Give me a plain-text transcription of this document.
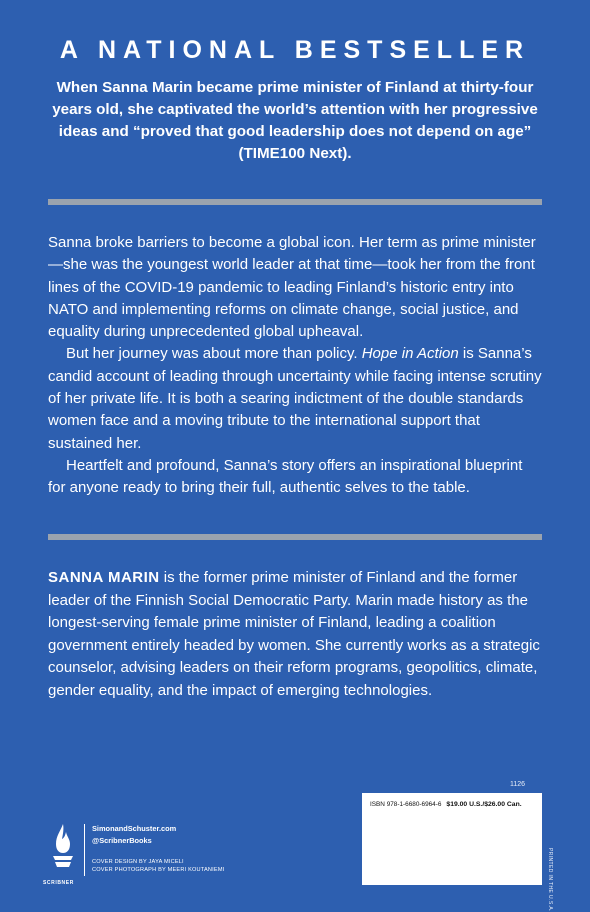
A NATIONAL BESTSELLER

When Sanna Marin became prime minister of Finland at thirty-four years old, she captivated the world’s attention with her progressive ideas and “proved that good leadership does not depend on age” (TIME100 Next).

Sanna broke barriers to become a global icon. Her term as prime minister—she was the youngest world leader at that time—took her from the front lines of the COVID-19 pandemic to leading Finland’s historic entry into NATO and implementing reforms on climate change, social justice, and equality during unprecedented global upheaval.

But her journey was about more than policy. Hope in Action is Sanna’s candid account of leading through uncertainty while facing intense scrutiny of her private life. It is both a searing indictment of the double standards women face and a moving tribute to the international support that sustained her.

Heartfelt and profound, Sanna’s story offers an inspirational blueprint for anyone ready to bring their full, authentic selves to the table.

SANNA MARIN is the former prime minister of Finland and the former leader of the Finnish Social Democratic Party. Marin made history as the longest-serving female prime minister of Finland, leading a coalition government entirely headed by women. She currently works as a strategic counselor, advising leaders on their reform programs, geopolitics, climate, gender equality, and the impact of emerging technologies.

1126
ISBN 978-1-6680-6964-6 $19.00 U.S./$26.00 Can.
PRINTED IN THE U.S.A.
SCRIBNER
SimonandSchuster.com
@ScribnerBooks
COVER DESIGN BY JAYA MICELI
COVER PHOTOGRAPH BY MEERI KOUTANIEMI
